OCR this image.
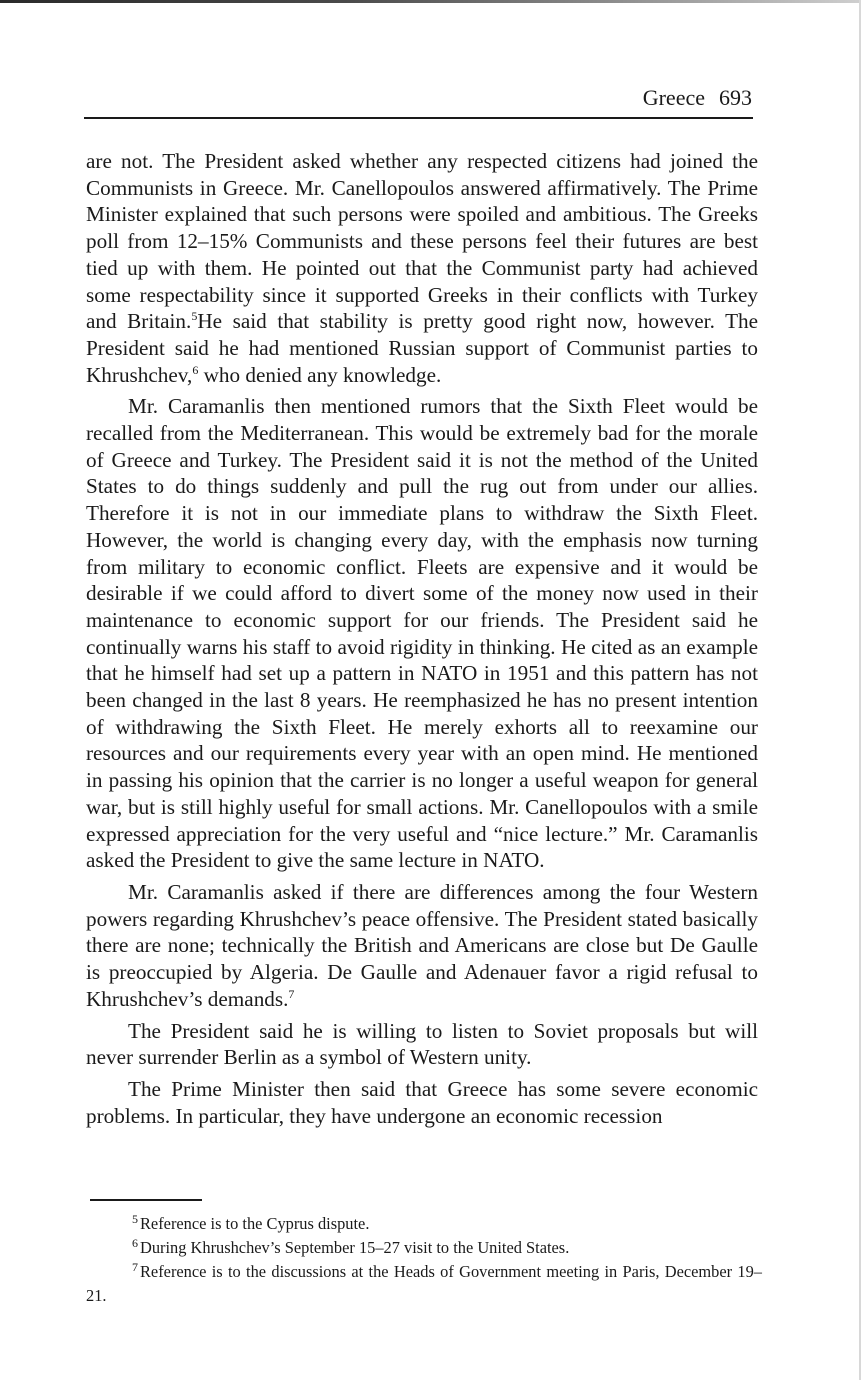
Greece 693

are not. The President asked whether any respected citizens had joined the Communists in Greece. Mr. Canellopoulos answered affirmatively. The Prime Minister explained that such persons were spoiled and ambitious. The Greeks poll from 12–15% Communists and these persons feel their futures are best tied up with them. He pointed out that the Communist party had achieved some respectability since it supported Greeks in their conflicts with Turkey and Britain.$^5$He said that stability is pretty good right now, however. The President said he had mentioned Russian support of Communist parties to Khrushchev,$^6$ who denied any knowledge.

Mr. Caramanlis then mentioned rumors that the Sixth Fleet would be recalled from the Mediterranean. This would be extremely bad for the morale of Greece and Turkey. The President said it is not the method of the United States to do things suddenly and pull the rug out from under our allies. Therefore it is not in our immediate plans to withdraw the Sixth Fleet. However, the world is changing every day, with the emphasis now turning from military to economic conflict. Fleets are expensive and it would be desirable if we could afford to divert some of the money now used in their maintenance to economic support for our friends. The President said he continually warns his staff to avoid rigidity in thinking. He cited as an example that he himself had set up a pattern in NATO in 1951 and this pattern has not been changed in the last 8 years. He reemphasized he has no present intention of withdrawing the Sixth Fleet. He merely exhorts all to reexamine our resources and our requirements every year with an open mind. He mentioned in passing his opinion that the carrier is no longer a useful weapon for general war, but is still highly useful for small actions. Mr. Canellopoulos with a smile expressed appreciation for the very useful and “nice lecture.” Mr. Caramanlis asked the President to give the same lecture in NATO.

Mr. Caramanlis asked if there are differences among the four Western powers regarding Khrushchev’s peace offensive. The President stated basically there are none; technically the British and Americans are close but De Gaulle is preoccupied by Algeria. De Gaulle and Adenauer favor a rigid refusal to Khrushchev’s demands.$^7$

The President said he is willing to listen to Soviet proposals but will never surrender Berlin as a symbol of Western unity.

The Prime Minister then said that Greece has some severe economic problems. In particular, they have undergone an economic recession

$^5$ Reference is to the Cyprus dispute.

$^6$ During Khrushchev’s September 15–27 visit to the United States.

$^7$ Reference is to the discussions at the Heads of Government meeting in Paris, December 19–21.
